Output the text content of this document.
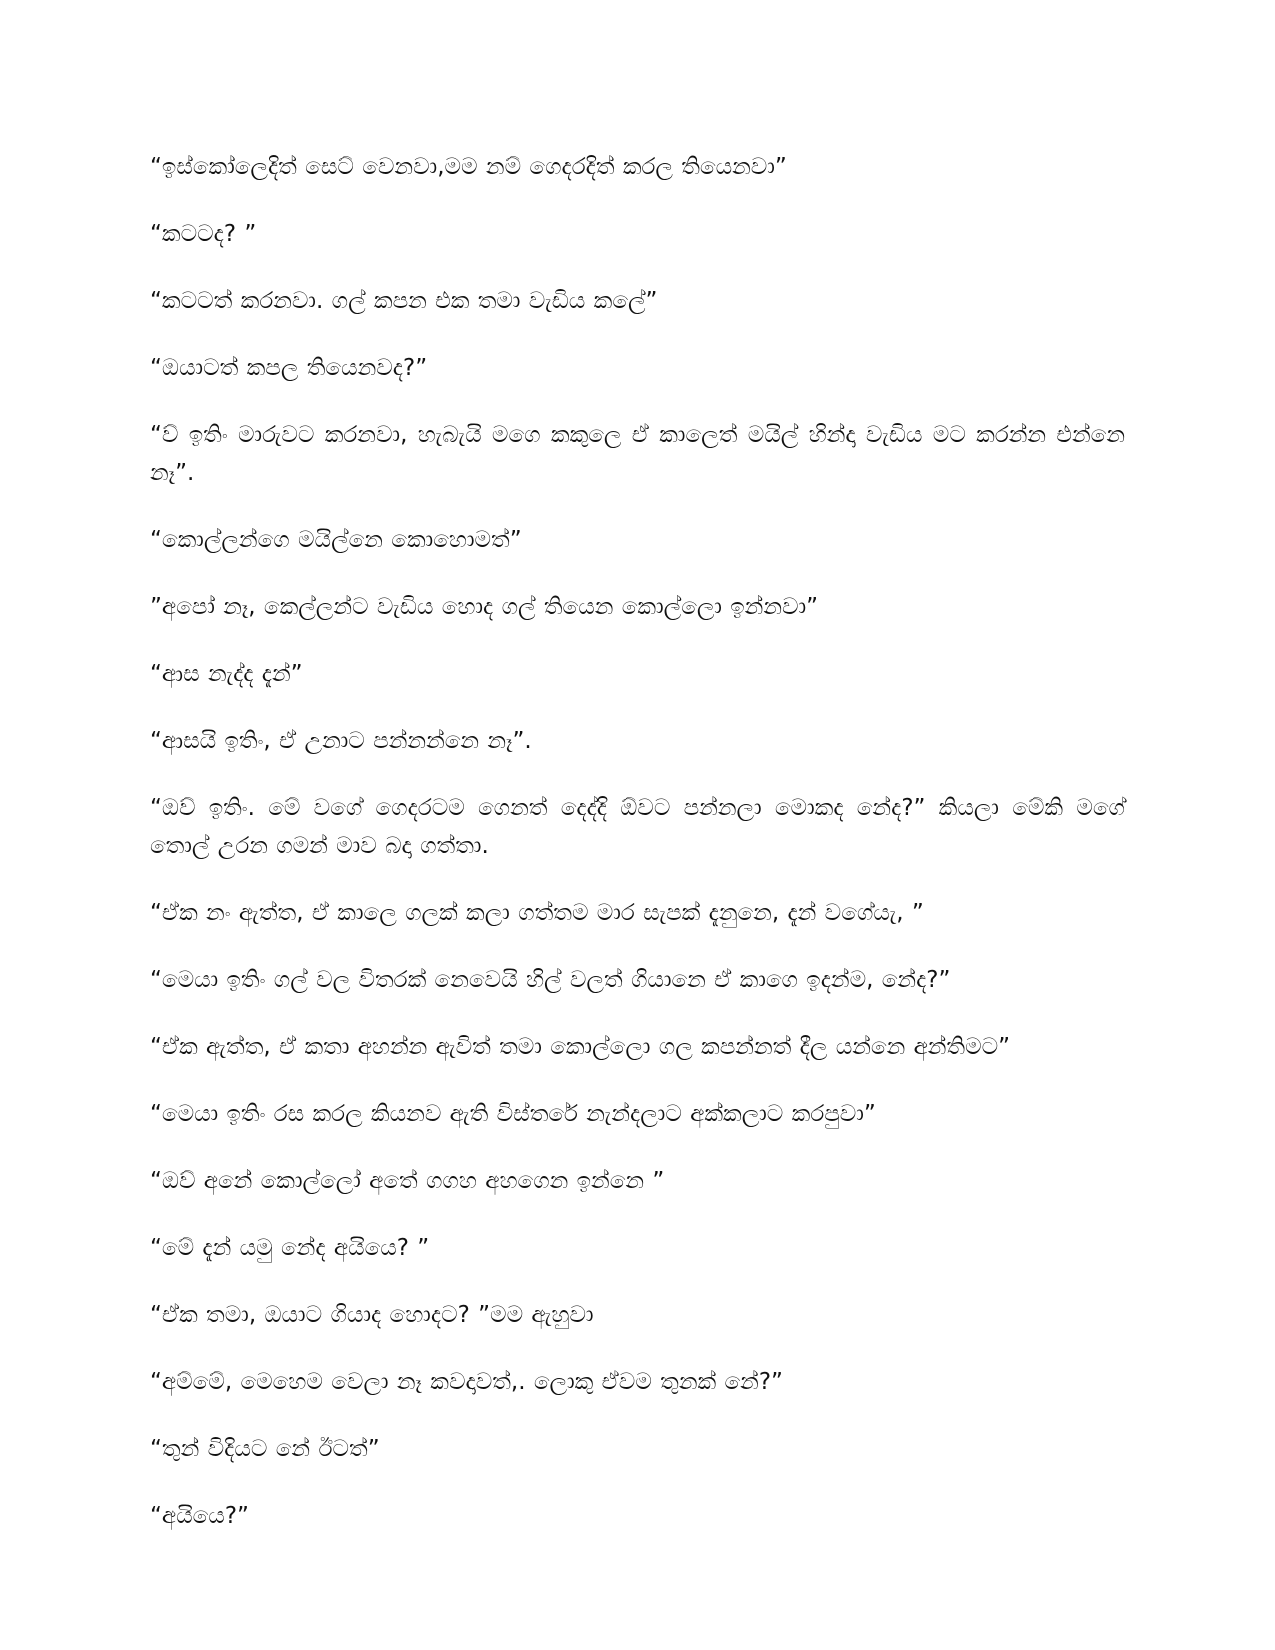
“ඉස්කෝලෙදිත් සෙට් වෙනවා,මම නම් ගෙදරදිත් කරල තියෙනවා”

“කටටද? ”

“කටටත් කරනවා. ගල් කපන එක තමා වැඩිය කලේ”

“ඔයාටත් කපල තියෙනවද?”

“ව් ඉතිං මාරුවට කරනවා, හැබැයි මගෙ කකුලෙ ඒ කාලෙත් මයිල් හින්දා වැඩිය මට කරන්න එන්නෙ නෑ”.

“කොල්ලන්ගෙ මයිල්නෙ කොහොමත්”

”අපෝ නෑ, කෙල්ලන්ට වැඩිය හොද ගල් තියෙන කොල්ලො ඉන්නවා”

“ආස නැද්ද දැන්”

“ආසයි ඉතිං, ඒ උනාට පන්නන්නෙ නෑ”.

“ඔව් ඉතිං. මේ වගේ ගෙදරටම ගෙනත් දෙද්දි ඕවට පන්නලා මොකද නේද?” කියලා මේකි මගේ තොල් උරන ගමන් මාව බදා ගත්තා.

“ඒක නං ඇත්ත, ඒ කාලෙ ගලක් කලා ගත්තම මාර සැපක් දැනුනෙ, දැන් වගේයැ, ”

“මෙයා ඉතිං ගල් වල විතරක් නෙවෙයි හිල් වලත් ගියානෙ ඒ කාගෙ ඉදන්ම, නේද?”

“ඒක ඇත්ත, ඒ කතා අහන්න ඇවිත් තමා කොල්ලො ගල කපන්නත් දීල යන්නෙ අන්තිමට”

“මෙයා ඉතිං රස කරල කියනව ඇති විස්තරේ නැන්දලාට අක්කලාට කරපුවා”

“ඔව් අනේ කොල්ලෝ අතේ ගගහ අහගෙන ඉන්නෙ ”

“මේ දැන් යමු නේද අයියෙ? ”

“ඒක තමා, ඔයාට ගියාද හොදට? ”මම ඇහුවා

“අම්මේ, මෙහෙම වෙලා නෑ කවදාවත්,. ලොකු ඒවම තුනක් නේ?”

“තුන් විදියට නේ ඊටත්”

“අයියෙ?”
